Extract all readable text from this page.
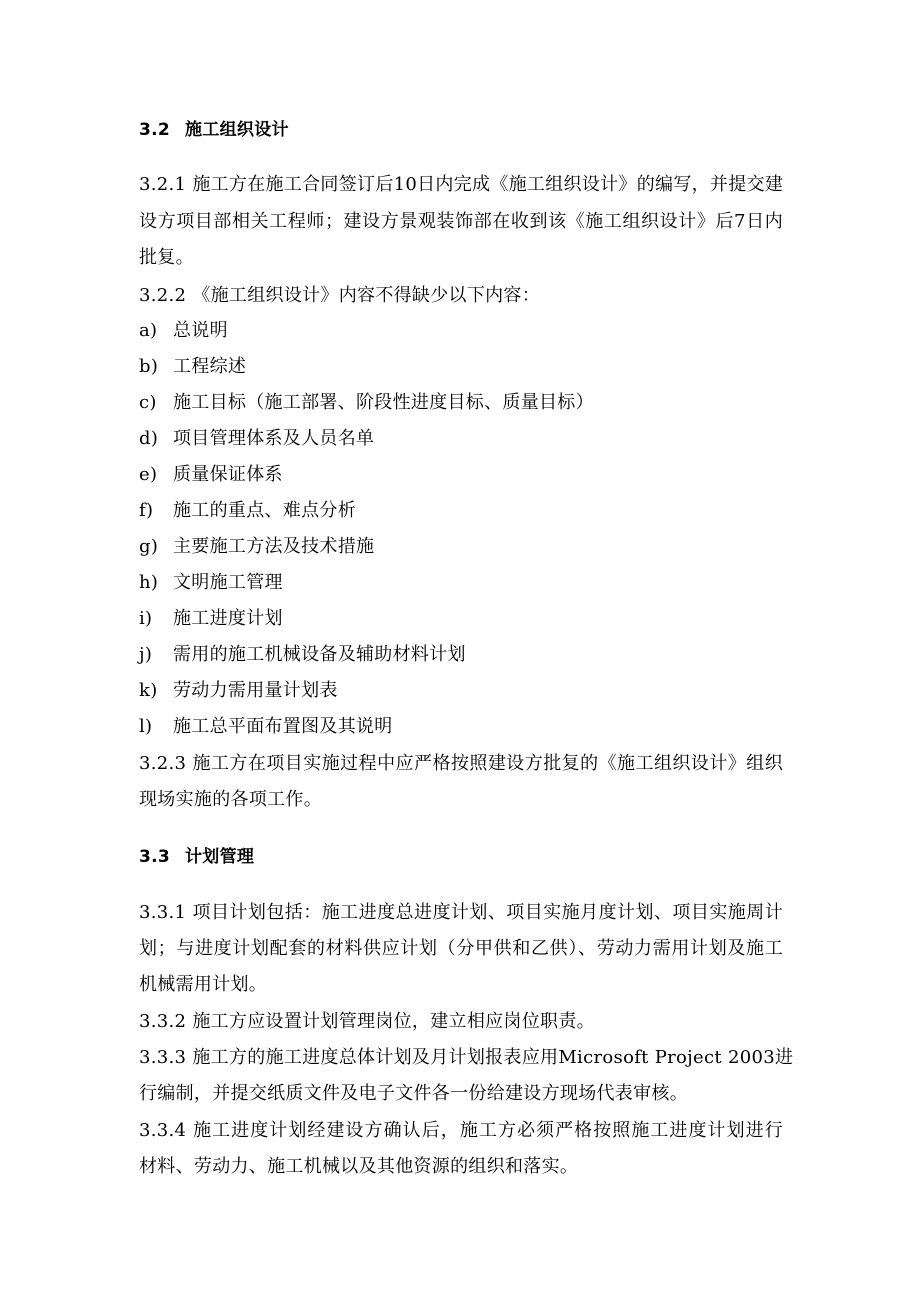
3.2 施工组织设计
3.2.1 施工方在施工合同签订后10日内完成《施工组织设计》的编写，并提交建
设方项目部相关工程师；建设方景观装饰部在收到该《施工组织设计》后7日内
批复。
3.2.2 《施工组织设计》内容不得缺少以下内容：
a) 总说明
b) 工程综述
c) 施工目标（施工部署、阶段性进度目标、质量目标）
d) 项目管理体系及人员名单
e) 质量保证体系
f) 施工的重点、难点分析
g) 主要施工方法及技术措施
h) 文明施工管理
i) 施工进度计划
j) 需用的施工机械设备及辅助材料计划
k) 劳动力需用量计划表
l) 施工总平面布置图及其说明
3.2.3 施工方在项目实施过程中应严格按照建设方批复的《施工组织设计》组织
现场实施的各项工作。
3.3 计划管理
3.3.1 项目计划包括：施工进度总进度计划、项目实施月度计划、项目实施周计
划；与进度计划配套的材料供应计划（分甲供和乙供）、劳动力需用计划及施工
机械需用计划。
3.3.2 施工方应设置计划管理岗位，建立相应岗位职责。
3.3.3 施工方的施工进度总体计划及月计划报表应用Microsoft Project 2003进
行编制，并提交纸质文件及电子文件各一份给建设方现场代表审核。
3.3.4 施工进度计划经建设方确认后，施工方必须严格按照施工进度计划进行
材料、劳动力、施工机械以及其他资源的组织和落实。
